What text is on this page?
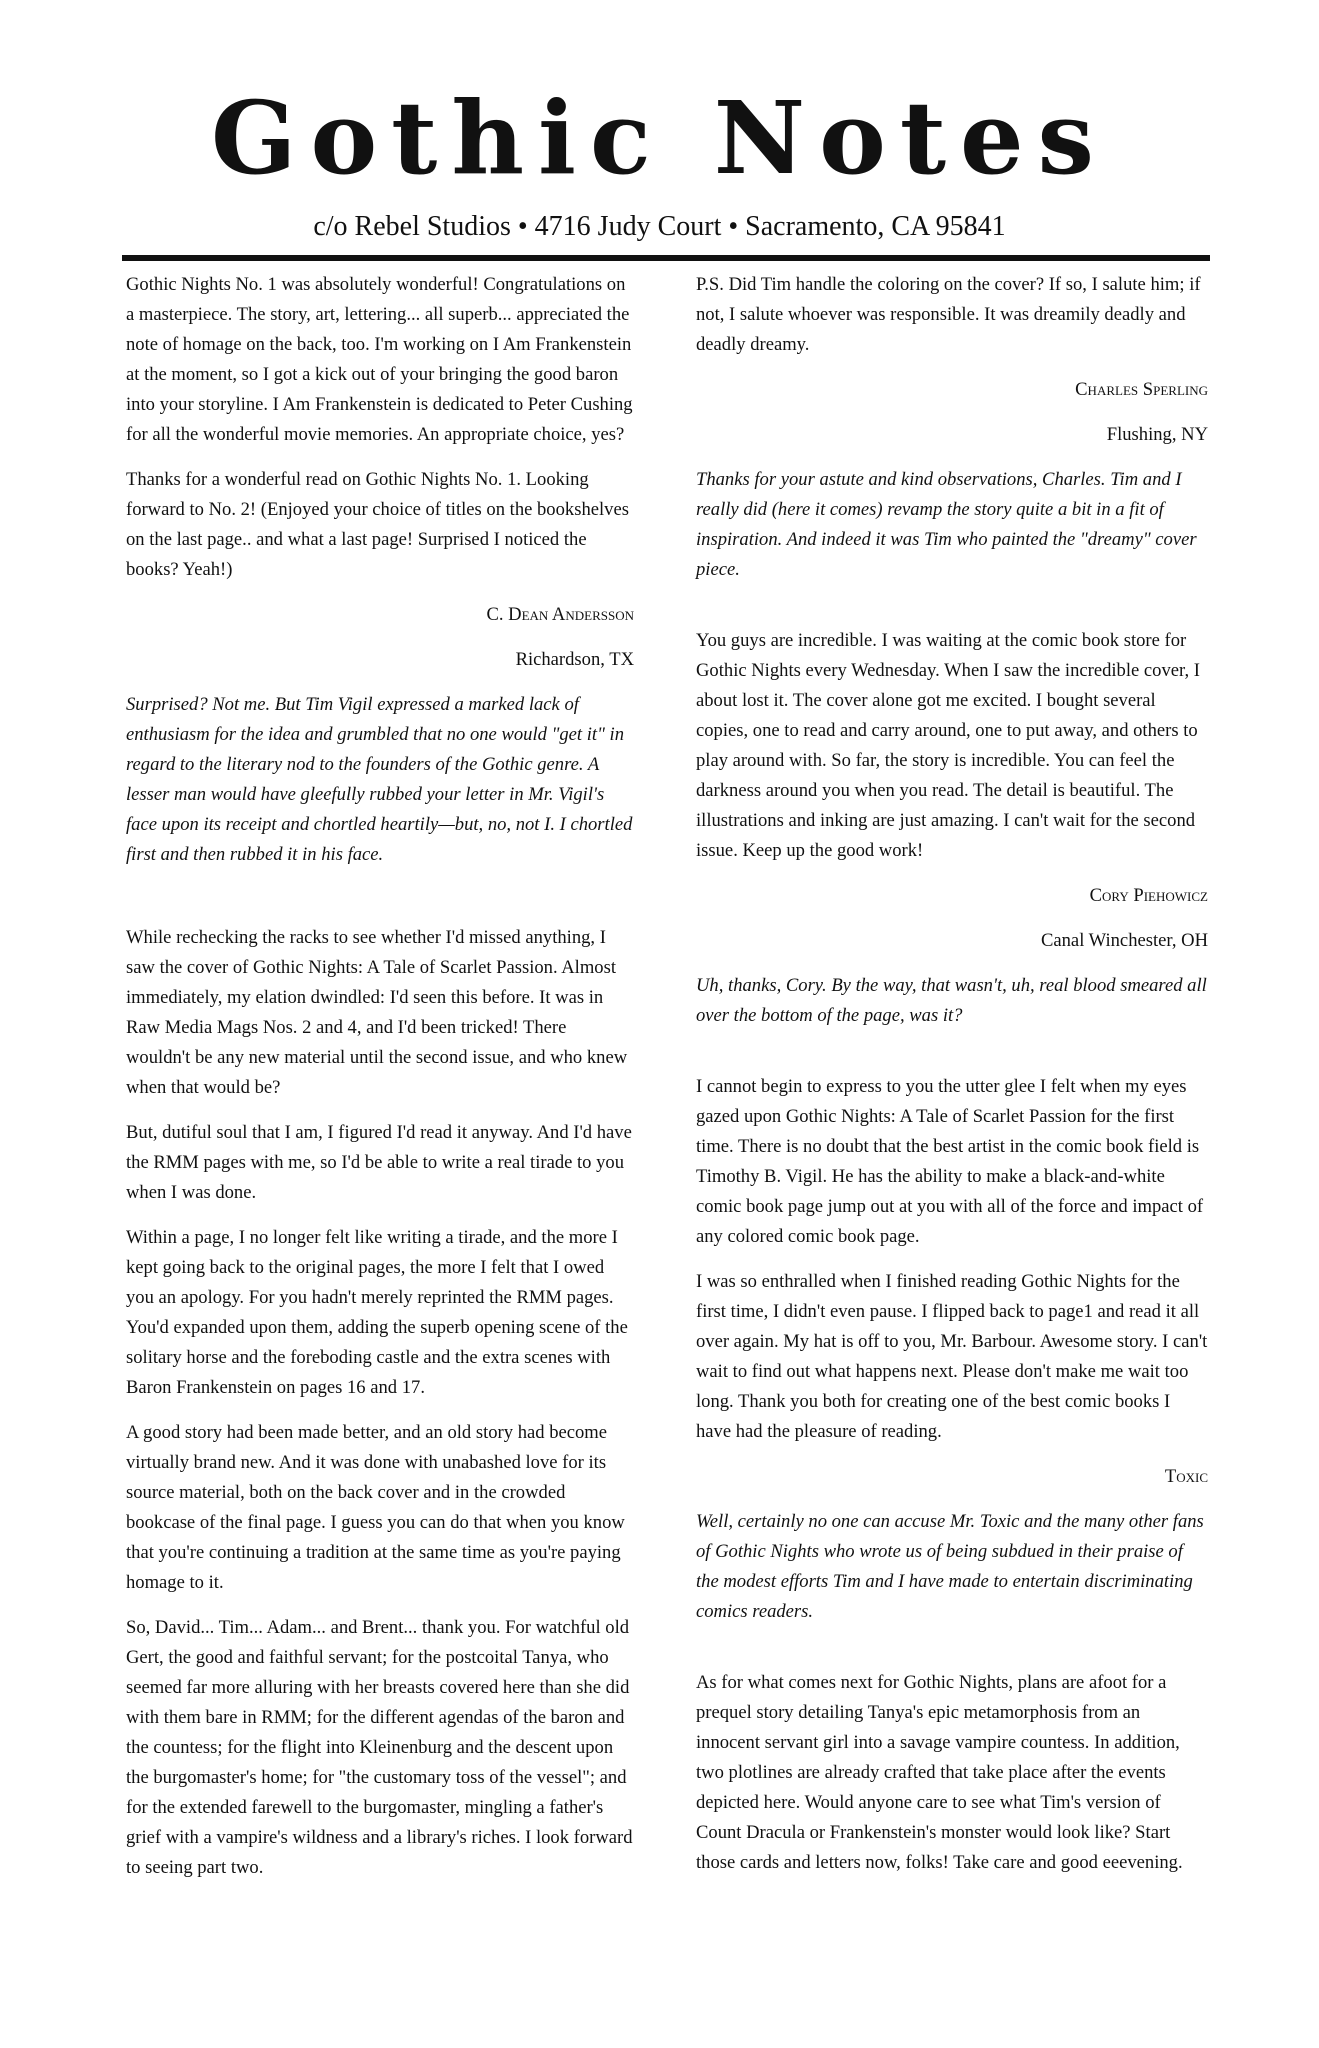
Gothic Notes
c/o Rebel Studios • 4716 Judy Court • Sacramento, CA 95841

Gothic Nights No. 1 was absolutely wonderful! Congratulations on a masterpiece. The story, art, lettering... all superb... appreciated the note of homage on the back, too. I'm working on I Am Frankenstein at the moment, so I got a kick out of your bringing the good baron into your storyline. I Am Frankenstein is dedicated to Peter Cushing for all the wonderful movie memories. An appropriate choice, yes?

Thanks for a wonderful read on Gothic Nights No. 1. Looking forward to No. 2! (Enjoyed your choice of titles on the bookshelves on the last page.. and what a last page! Surprised I noticed the books? Yeah!)

C. Dean Andersson

Richardson, TX

Surprised? Not me. But Tim Vigil expressed a marked lack of enthusiasm for the idea and grumbled that no one would "get it" in regard to the literary nod to the founders of the Gothic genre. A lesser man would have gleefully rubbed your letter in Mr. Vigil's face upon its receipt and chortled heartily—but, no, not I. I chortled first and then rubbed it in his face.

While rechecking the racks to see whether I'd missed anything, I saw the cover of Gothic Nights: A Tale of Scarlet Passion. Almost immediately, my elation dwindled: I'd seen this before. It was in Raw Media Mags Nos. 2 and 4, and I'd been tricked! There wouldn't be any new material until the second issue, and who knew when that would be?

But, dutiful soul that I am, I figured I'd read it anyway. And I'd have the RMM pages with me, so I'd be able to write a real tirade to you when I was done.

Within a page, I no longer felt like writing a tirade, and the more I kept going back to the original pages, the more I felt that I owed you an apology. For you hadn't merely reprinted the RMM pages. You'd expanded upon them, adding the superb opening scene of the solitary horse and the foreboding castle and the extra scenes with Baron Frankenstein on pages 16 and 17.

A good story had been made better, and an old story had become virtually brand new. And it was done with unabashed love for its source material, both on the back cover and in the crowded bookcase of the final page. I guess you can do that when you know that you're continuing a tradition at the same time as you're paying homage to it.

So, David... Tim... Adam... and Brent... thank you. For watchful old Gert, the good and faithful servant; for the postcoital Tanya, who seemed far more alluring with her breasts covered here than she did with them bare in RMM; for the different agendas of the baron and the countess; for the flight into Kleinenburg and the descent upon the burgomaster's home; for "the customary toss of the vessel"; and for the extended farewell to the burgomaster, mingling a father's grief with a vampire's wildness and a library's riches. I look forward to seeing part two.

P.S. Did Tim handle the coloring on the cover? If so, I salute him; if not, I salute whoever was responsible. It was dreamily deadly and deadly dreamy.

Charles Sperling

Flushing, NY

Thanks for your astute and kind observations, Charles. Tim and I really did (here it comes) revamp the story quite a bit in a fit of inspiration. And indeed it was Tim who painted the "dreamy" cover piece.

You guys are incredible. I was waiting at the comic book store for Gothic Nights every Wednesday. When I saw the incredible cover, I about lost it. The cover alone got me excited. I bought several copies, one to read and carry around, one to put away, and others to play around with. So far, the story is incredible. You can feel the darkness around you when you read. The detail is beautiful. The illustrations and inking are just amazing. I can't wait for the second issue. Keep up the good work!

Cory Piehowicz

Canal Winchester, OH

Uh, thanks, Cory. By the way, that wasn't, uh, real blood smeared all over the bottom of the page, was it?

I cannot begin to express to you the utter glee I felt when my eyes gazed upon Gothic Nights: A Tale of Scarlet Passion for the first time. There is no doubt that the best artist in the comic book field is Timothy B. Vigil. He has the ability to make a black-and-white comic book page jump out at you with all of the force and impact of any colored comic book page.

I was so enthralled when I finished reading Gothic Nights for the first time, I didn't even pause. I flipped back to page1 and read it all over again. My hat is off to you, Mr. Barbour. Awesome story. I can't wait to find out what happens next. Please don't make me wait too long. Thank you both for creating one of the best comic books I have had the pleasure of reading.

Toxic

Well, certainly no one can accuse Mr. Toxic and the many other fans of Gothic Nights who wrote us of being subdued in their praise of the modest efforts Tim and I have made to entertain discriminating comics readers.

As for what comes next for Gothic Nights, plans are afoot for a prequel story detailing Tanya's epic metamorphosis from an innocent servant girl into a savage vampire countess. In addition, two plotlines are already crafted that take place after the events depicted here. Would anyone care to see what Tim's version of Count Dracula or Frankenstein's monster would look like? Start those cards and letters now, folks! Take care and good eeevening.
